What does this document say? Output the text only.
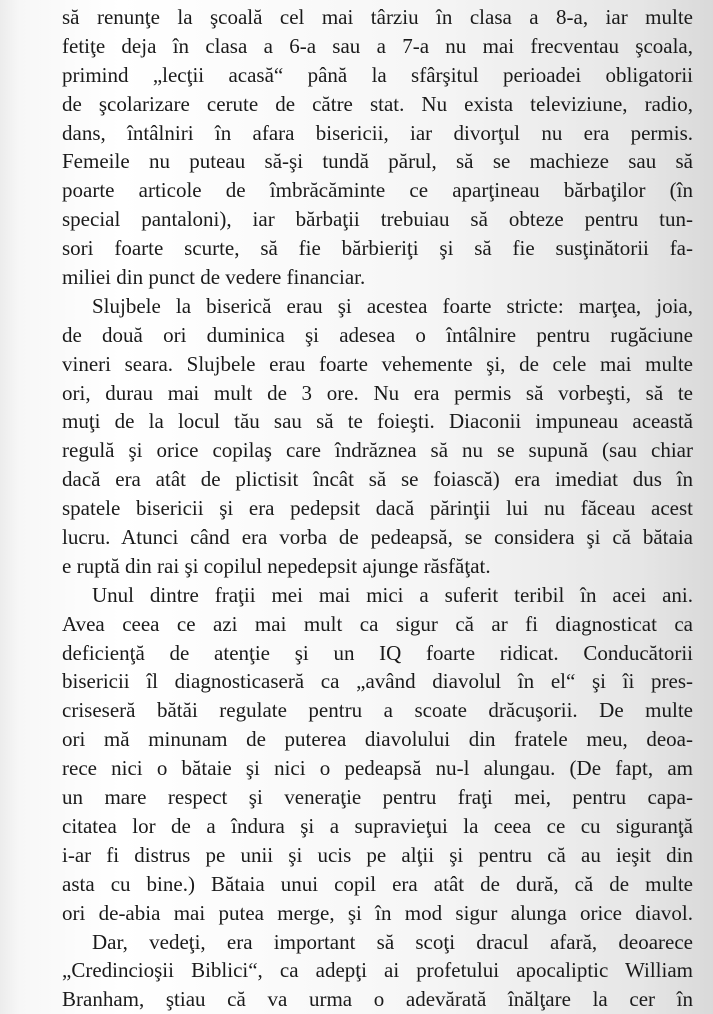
să renunţe la şcoală cel mai târziu în clasa a 8-a, iar multe
fetiţe deja în clasa a 6-a sau a 7-a nu mai frecventau şcoala,
primind „lecţii acasă“ până la sfârşitul perioadei obligatorii
de şcolarizare cerute de către stat. Nu exista televiziune, radio,
dans, întâlniri în afara bisericii, iar divorţul nu era permis.
Femeile nu puteau să-şi tundă părul, să se machieze sau să
poarte articole de îmbrăcăminte ce aparţineau bărbaţilor (în
special pantaloni), iar bărbaţii trebuiau să obteze pentru tun-
sori foarte scurte, să fie bărbieriţi şi să fie susţinătorii fa-
miliei din punct de vedere financiar.
Slujbele la biserică erau şi acestea foarte stricte: marţea, joia,
de două ori duminica şi adesea o întâlnire pentru rugăciune
vineri seara. Slujbele erau foarte vehemente şi, de cele mai multe
ori, durau mai mult de 3 ore. Nu era permis să vorbeşti, să te
muţi de la locul tău sau să te foieşti. Diaconii impuneau această
regulă şi orice copilaş care îndrăznea să nu se supună (sau chiar
dacă era atât de plictisit încât să se foiască) era imediat dus în
spatele bisericii şi era pedepsit dacă părinţii lui nu făceau acest
lucru. Atunci când era vorba de pedeapsă, se considera şi că bătaia
e ruptă din rai şi copilul nepedepsit ajunge răsfăţat.
Unul dintre fraţii mei mai mici a suferit teribil în acei ani.
Avea ceea ce azi mai mult ca sigur că ar fi diagnosticat ca
deficienţă de atenţie şi un IQ foarte ridicat. Conducătorii
bisericii îl diagnosticaseră ca „având diavolul în el“ şi îi pres-
criseseră bătăi regulate pentru a scoate drăcuşorii. De multe
ori mă minunam de puterea diavolului din fratele meu, deoa-
rece nici o bătaie şi nici o pedeapsă nu-l alungau. (De fapt, am
un mare respect şi veneraţie pentru fraţi mei, pentru capa-
citatea lor de a îndura şi a supravieţui la ceea ce cu siguranţă
i-ar fi distrus pe unii şi ucis pe alţii şi pentru că au ieşit din
asta cu bine.) Bătaia unui copil era atât de dură, că de multe
ori de-abia mai putea merge, şi în mod sigur alunga orice diavol.
Dar, vedeţi, era important să scoţi dracul afară, deoarece
„Credincioşii Biblici“, ca adepţi ai profetului apocaliptic William
Branham, ştiau că va urma o adevărată înălţare la cer în
